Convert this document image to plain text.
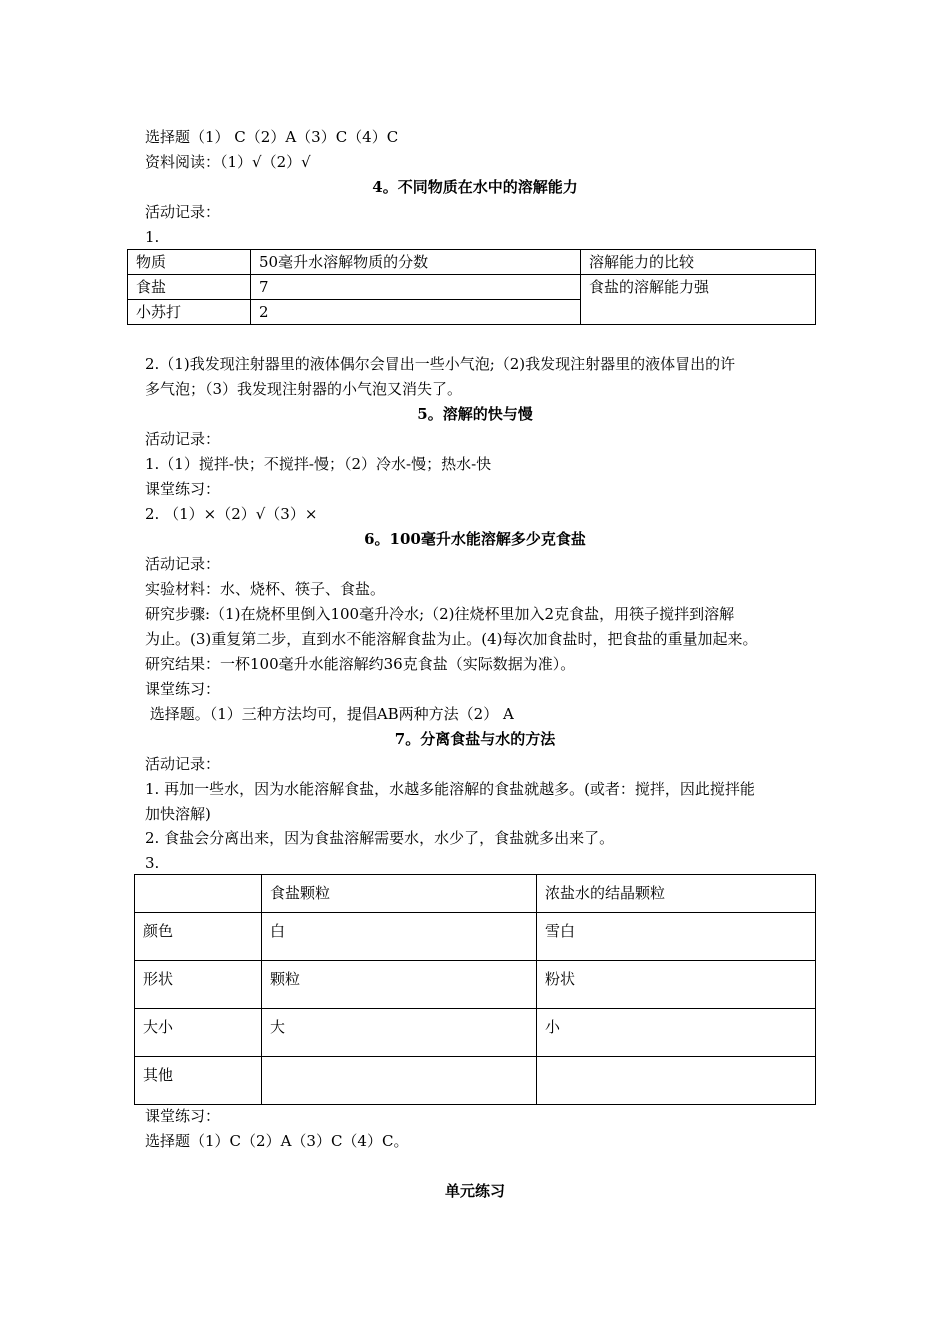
选择题（1） C（2）A（3）C（4）C
资料阅读：（1）√（2）√
4。不同物质在水中的溶解能力
活动记录：
1.
物质	50毫升水溶解物质的分数	溶解能力的比较
食盐	7	食盐的溶解能力强
小苏打	2	
2.（1)我发现注射器里的液体偶尔会冒出一些小气泡;（2)我发现注射器里的液体冒出的许
多气泡；（3）我发现注射器的小气泡又消失了。
5。溶解的快与慢
活动记录：
1.（1）搅拌-快；不搅拌-慢；（2）冷水-慢；热水-快
课堂练习：
2. （1）×（2）√（3）×
6。100毫升水能溶解多少克食盐
活动记录：
实验材料：水、烧杯、筷子、食盐。
研究步骤:（1)在烧杯里倒入100毫升冷水;（2)往烧杯里加入2克食盐，用筷子搅拌到溶解
为止。(3)重复第二步，直到水不能溶解食盐为止。(4)每次加食盐时，把食盐的重量加起来。
研究结果：一杯100毫升水能溶解约36克食盐（实际数据为准）。
课堂练习：
选择题。（1）三种方法均可，提倡AB两种方法（2） A
7。分离食盐与水的方法
活动记录：
1. 再加一些水，因为水能溶解食盐，水越多能溶解的食盐就越多。(或者：搅拌，因此搅拌能
加快溶解)
2. 食盐会分离出来，因为食盐溶解需要水，水少了，食盐就多出来了。
3.
	食盐颗粒	浓盐水的结晶颗粒
颜色	白	雪白
形状	颗粒	粉状
大小	大	小
其他		
课堂练习：
选择题（1）C（2）A（3）C（4）C。
单元练习
